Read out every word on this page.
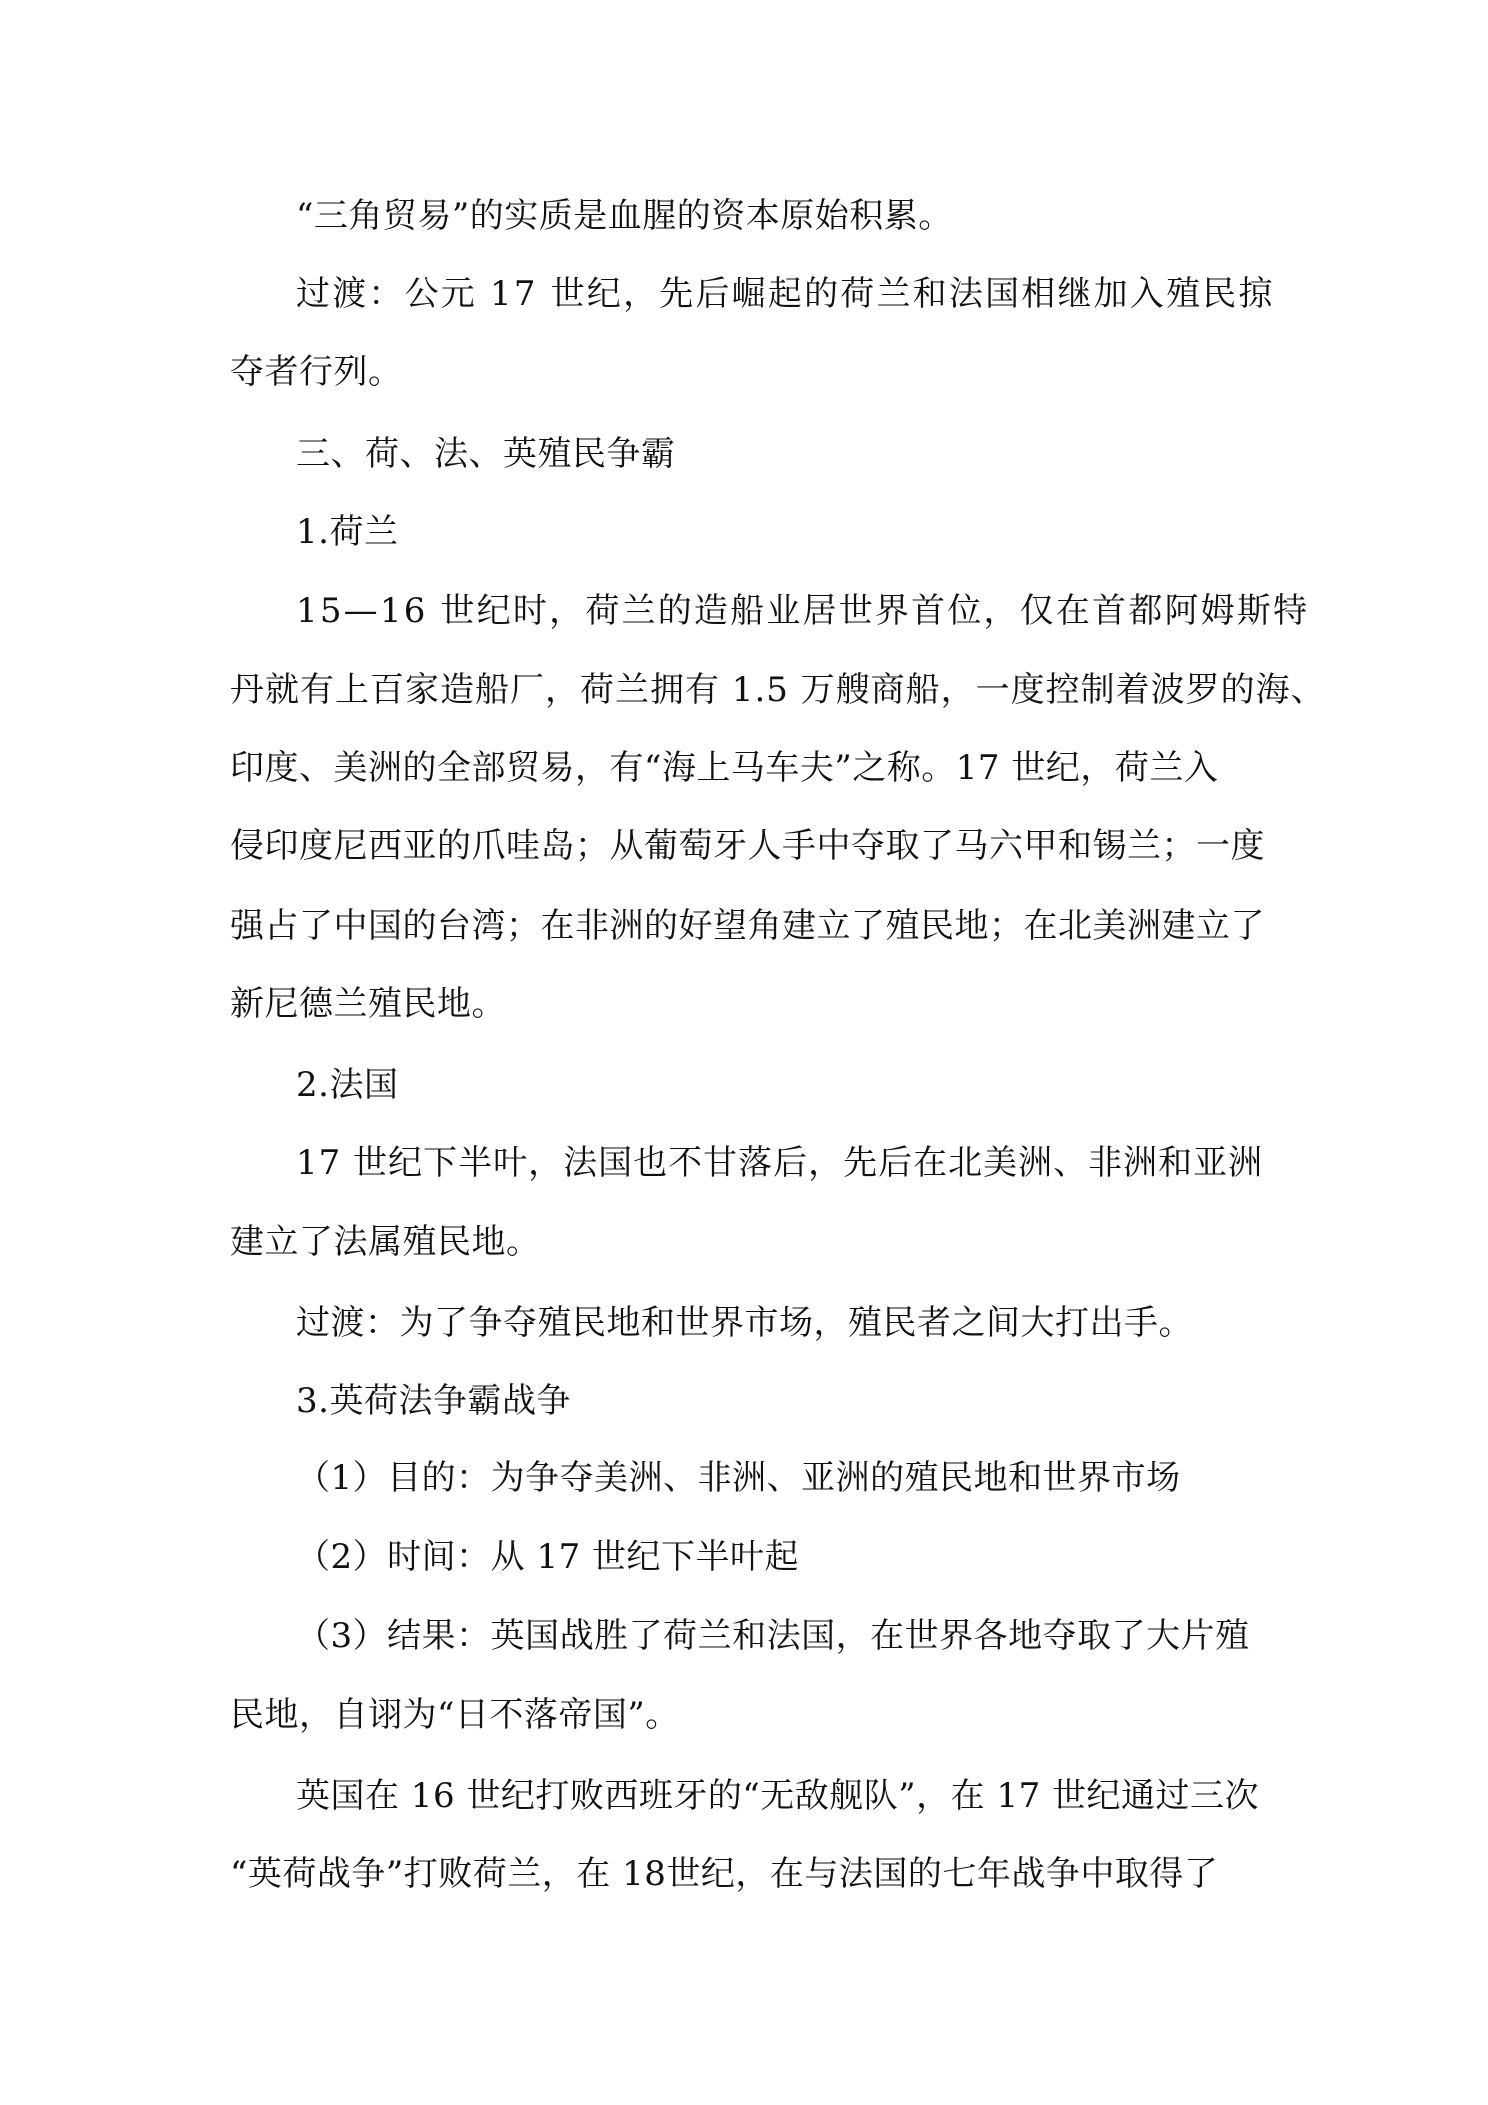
“三角贸易”的实质是血腥的资本原始积累。
过渡：公元 17 世纪，先后崛起的荷兰和法国相继加入殖民掠
夺者行列。
三、荷、法、英殖民争霸
1.荷兰
15—16 世纪时，荷兰的造船业居世界首位，仅在首都阿姆斯特
丹就有上百家造船厂，荷兰拥有 1.5 万艘商船，一度控制着波罗的海、
印度、美洲的全部贸易，有“海上马车夫”之称。17 世纪，荷兰入
侵印度尼西亚的爪哇岛；从葡萄牙人手中夺取了马六甲和锡兰；一度
强占了中国的台湾；在非洲的好望角建立了殖民地；在北美洲建立了
新尼德兰殖民地。
2.法国
17 世纪下半叶，法国也不甘落后，先后在北美洲、非洲和亚洲
建立了法属殖民地。
过渡：为了争夺殖民地和世界市场，殖民者之间大打出手。
3.英荷法争霸战争
（1）目的：为争夺美洲、非洲、亚洲的殖民地和世界市场
（2）时间：从 17 世纪下半叶起
（3）结果：英国战胜了荷兰和法国，在世界各地夺取了大片殖
民地，自诩为“日不落帝国”。
英国在 16 世纪打败西班牙的“无敌舰队”，在 17 世纪通过三次
“英荷战争”打败荷兰，在 18世纪，在与法国的七年战争中取得了
